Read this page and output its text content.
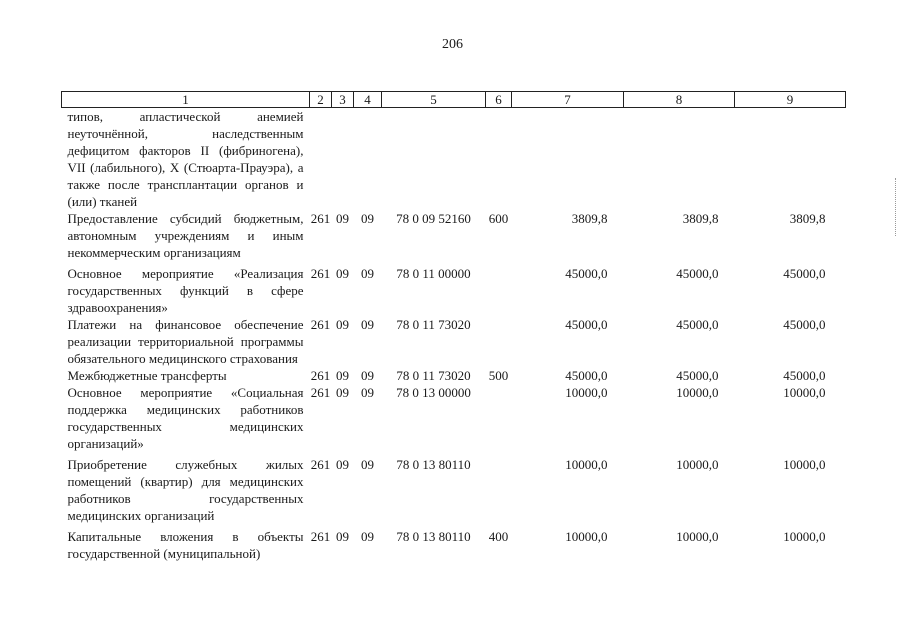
206
1	2	3	4	5	6	7	8	9
типов, апластической анемией неуточнённой, наследственным дефицитом факторов II (фибриногена), VII (лабильного), X (Стюарта-Прауэра), а также после трансплантации органов и (или) тканей								
Предоставление субсидий бюджетным, автономным учреждениям и иным некоммерческим организациям	261	09	09	78 0 09 52160	600	3809,8	3809,8	3809,8
Основное мероприятие «Реализация государственных функций в сфере здравоохранения»	261	09	09	78 0 11 00000		45000,0	45000,0	45000,0
Платежи на финансовое обеспечение реализации территориальной программы обязательного медицинского страхования	261	09	09	78 0 11 73020		45000,0	45000,0	45000,0
Межбюджетные трансферты	261	09	09	78 0 11 73020	500	45000,0	45000,0	45000,0
Основное мероприятие «Социальная поддержка медицинских работников государственных медицинских организаций»	261	09	09	78 0 13 00000		10000,0	10000,0	10000,0
Приобретение служебных жилых помещений (квартир) для медицинских работников государственных медицинских организаций	261	09	09	78 0 13 80110		10000,0	10000,0	10000,0
Капитальные вложения в объекты государственной (муниципальной)	261	09	09	78 0 13 80110	400	10000,0	10000,0	10000,0
